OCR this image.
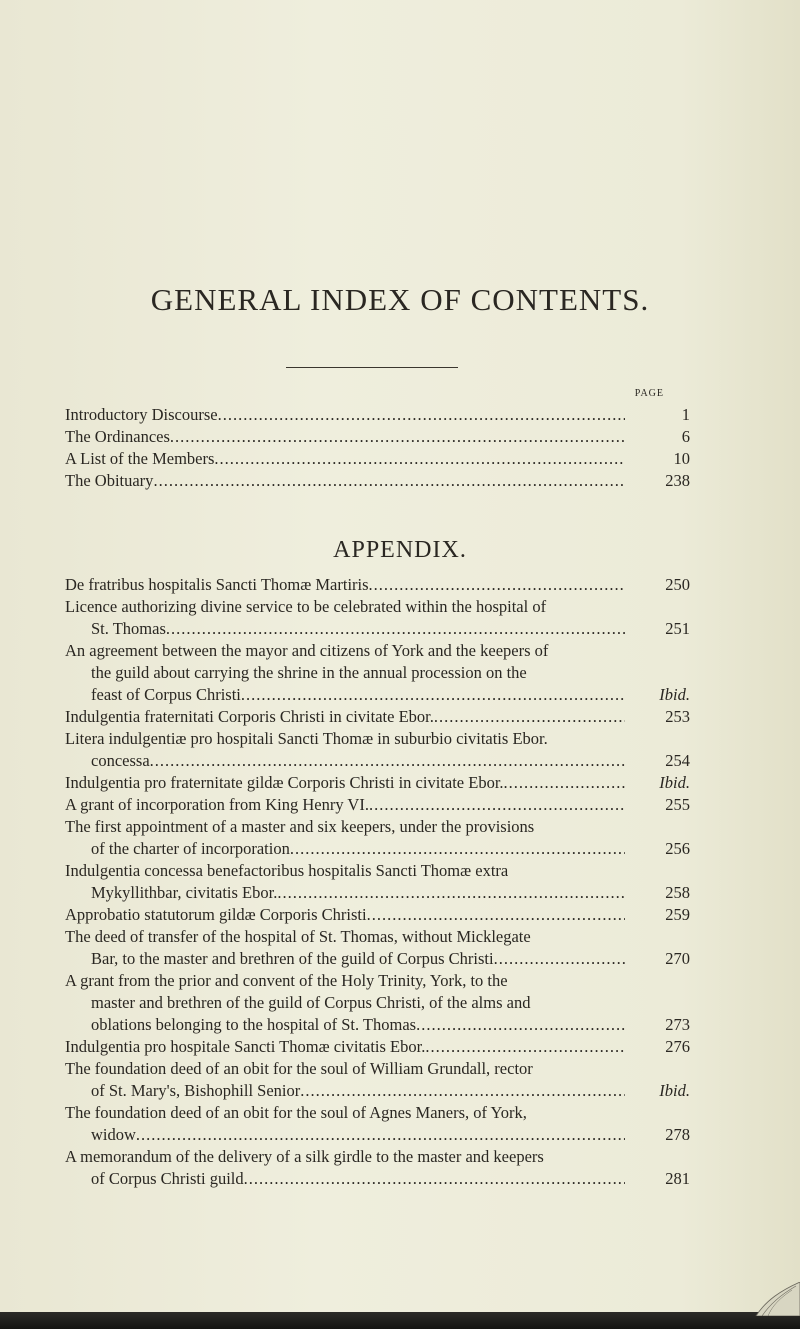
GENERAL INDEX OF CONTENTS.
PAGE
Introductory Discourse .....	1
The Ordinances .....	6
A List of the Members .....	10
The Obituary .....	238
APPENDIX.
De fratribus hospitalis Sancti Thomæ Martiris .....	250
Licence authorizing divine service to be celebrated within the hospital of
St. Thomas .....	251
An agreement between the mayor and citizens of York and the keepers of
the guild about carrying the shrine in the annual procession on the
feast of Corpus Christi .....	Ibid.
Indulgentia fraternitati Corporis Christi in civitate Ebor. .....	253
Litera indulgentiæ pro hospitali Sancti Thomæ in suburbio civitatis Ebor.
concessa .....	254
Indulgentia pro fraternitate gildæ Corporis Christi in civitate Ebor. .....	Ibid.
A grant of incorporation from King Henry VI. .....	255
The first appointment of a master and six keepers, under the provisions
of the charter of incorporation .....	256
Indulgentia concessa benefactoribus hospitalis Sancti Thomæ extra
Mykyllithbar, civitatis Ebor. .....	258
Approbatio statutorum gildæ Corporis Christi .....	259
The deed of transfer of the hospital of St. Thomas, without Micklegate
Bar, to the master and brethren of the guild of Corpus Christi .....	270
A grant from the prior and convent of the Holy Trinity, York, to the
master and brethren of the guild of Corpus Christi, of the alms and
oblations belonging to the hospital of St. Thomas .....	273
Indulgentia pro hospitale Sancti Thomæ civitatis Ebor. .....	276
The foundation deed of an obit for the soul of William Grundall, rector
of St. Mary's, Bishophill Senior .....	Ibid.
The foundation deed of an obit for the soul of Agnes Maners, of York,
widow .....	278
A memorandum of the delivery of a silk girdle to the master and keepers
of Corpus Christi guild .....	281
